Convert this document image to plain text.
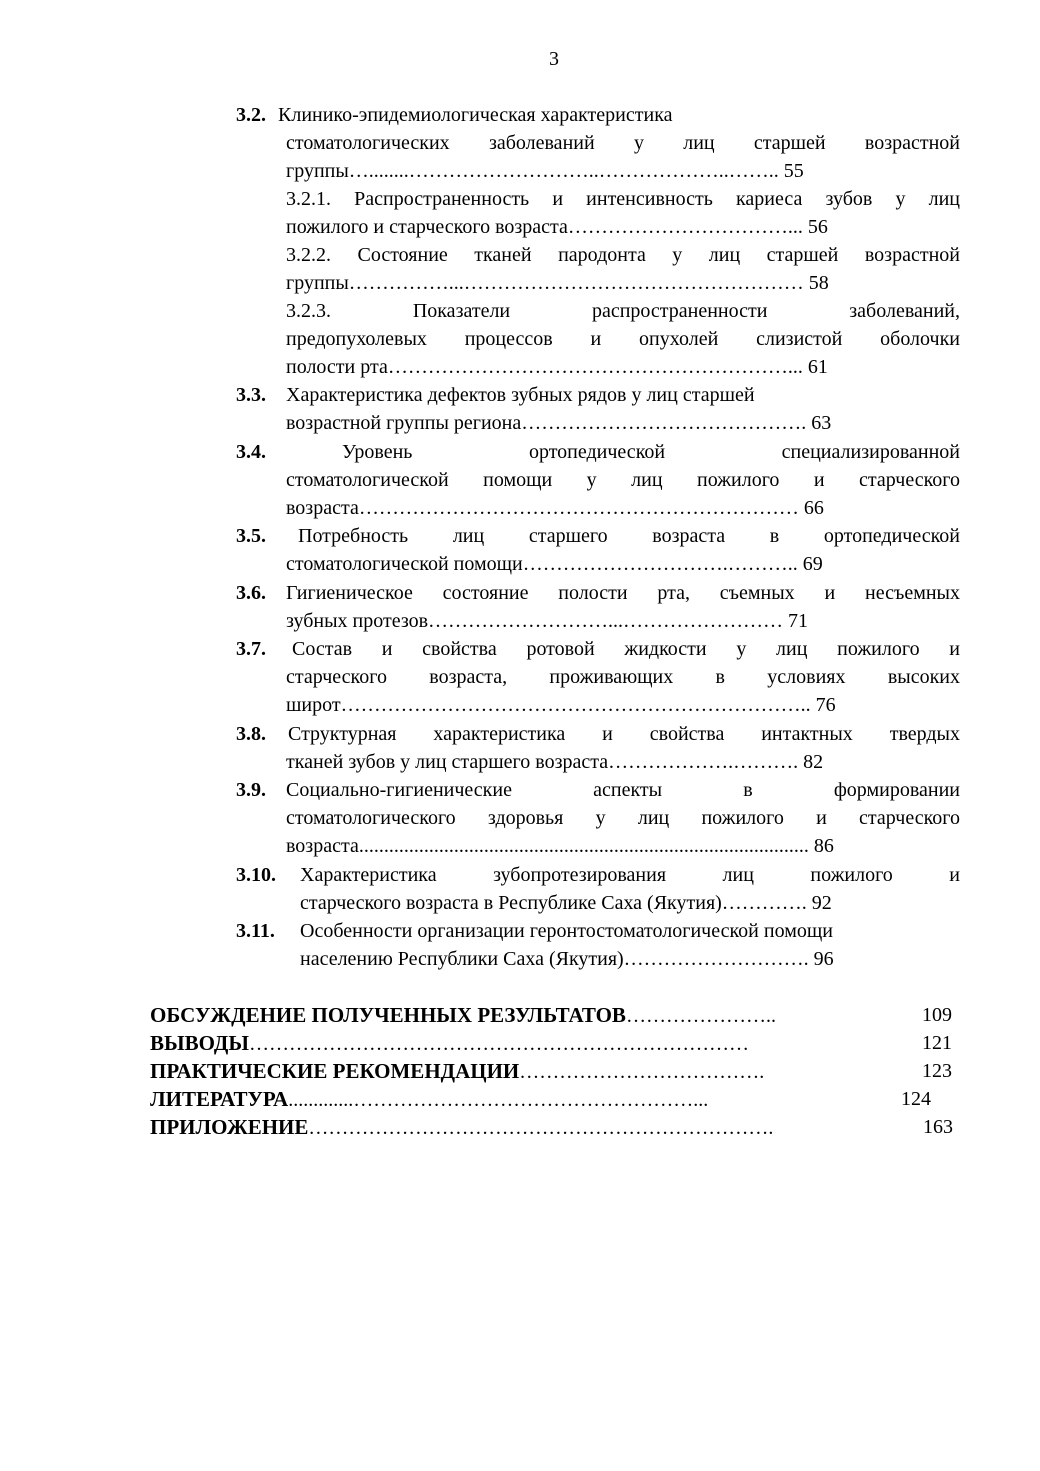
3
3.2. Клинико-эпидемиологическая характеристика
стоматологических заболеваний у лиц старшей возрастной
группы…........………………………..………………..…….. 55
3.2.1. Распространенность и интенсивность кариеса зубов у лиц
пожилого и старческого возраста……………………………... 56
3.2.2. Состояние тканей пародонта у лиц старшей возрастной
группы……………...…………………………………………… 58
3.2.3. Показатели распространенности заболеваний,
предопухолевых процессов и опухолей слизистой оболочки
полости рта……………………………………………………... 61
3.3. Характеристика дефектов зубных рядов у лиц старшей
возрастной группы региона……………………………………. 63
3.4.	Уровень ортопедической специализированной
стоматологической помощи у лиц пожилого и старческого
возраста………………………………………………………… 66
3.5. Потребность лиц старшего возраста в ортопедической
стоматологической помощи………………………….……….. 69
3.6. Гигиеническое состояние полости рта, съемных и несъемных
зубных протезов………………………...…………………… 71
3.7. Состав и свойства ротовой жидкости у лиц пожилого и
старческого возраста, проживающих в условиях высоких
широт…………………………………………………………….. 76
3.8. Структурная характеристика и свойства интактных твердых
тканей зубов у лиц старшего возраста……………….………. 82
3.9. Социально-гигиенические аспекты в формировании
стоматологического здоровья у лиц пожилого и старческого
возраста.......................................................................................... 86
3.10. Характеристика зубопротезирования лиц пожилого и
старческого возраста в Республике Саха (Якутия)…………. 92
3.11. Особенности организации геронтостоматологической помощи
населению Республики Саха (Якутия)………………………. 96
ОБСУЖДЕНИЕ ПОЛУЧЕННЫХ РЕЗУЛЬТАТОВ…………………..	109
ВЫВОДЫ…………………………………………………………………	121
ПРАКТИЧЕСКИЕ РЕКОМЕНДАЦИИ……………………………….	123
ЛИТЕРАТУРА.............……………………………………………...	124
ПРИЛОЖЕНИЕ…………………………………………………………….	163
